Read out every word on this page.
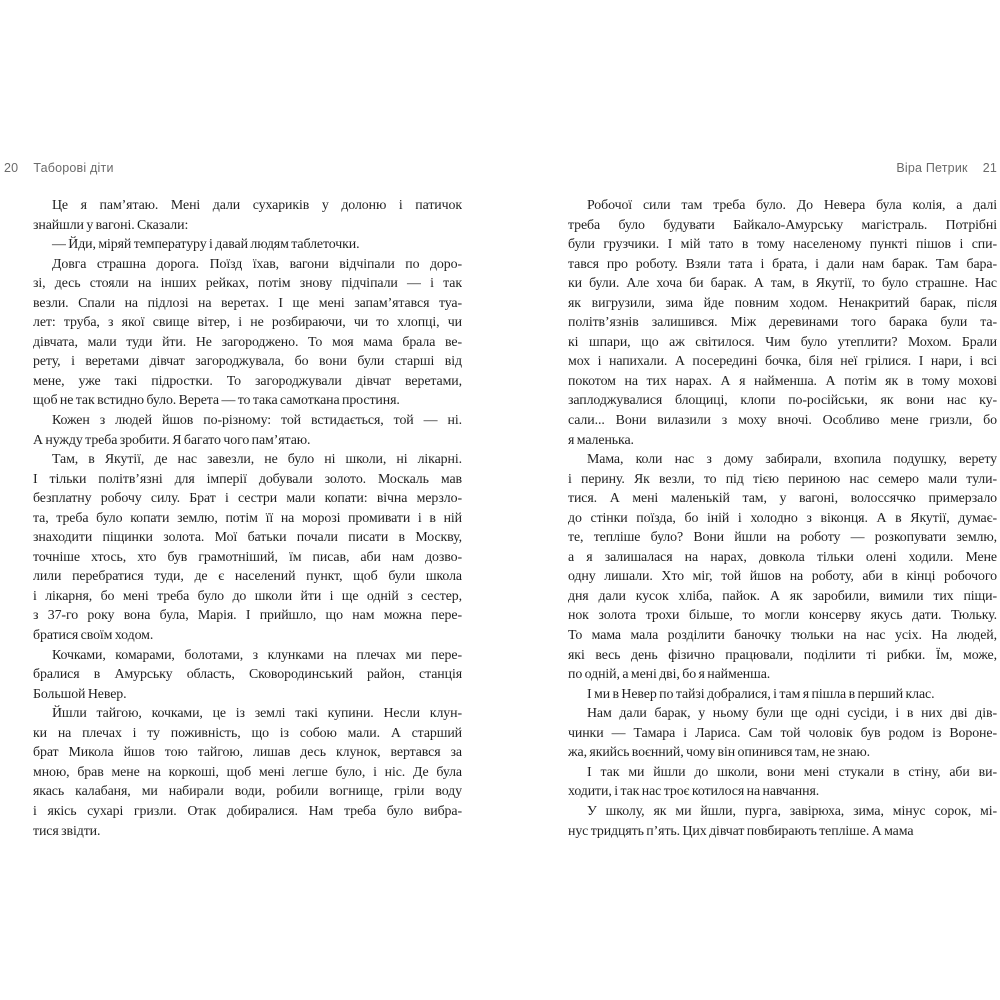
20 Таборові діти	Віра Петрик 21
Це я пам’ятаю. Мені дали сухариків у долоню і патичок
знайшли у вагоні. Сказали:
— Йди, міряй температуру і давай людям таблеточки.
Довга страшна дорога. Поїзд їхав, вагони відчіпали по доро-
зі, десь стояли на інших рейках, потім знову підчіпали — і так
везли. Спали на підлозі на веретах. І ще мені запам’ятався туа-
лет: труба, з якої свище вітер, і не розбираючи, чи то хлопці, чи
дівчата, мали туди йти. Не загороджено. То моя мама брала ве-
рету, і веретами дівчат загороджувала, бо вони були старші від
мене, уже такі підростки. То загороджували дівчат веретами,
щоб не так встидно було. Верета — то така самоткана простиня.
Кожен з людей йшов по-різному: той встидається, той — ні.
А нужду треба зробити. Я багато чого пам’ятаю.
Там, в Якутії, де нас завезли, не було ні школи, ні лікарні.
І тільки політв’язні для імперії добували золото. Москаль мав
безплатну робочу силу. Брат і сестри мали копати: вічна мерзло-
та, треба було копати землю, потім її на морозі промивати і в ній
знаходити піщинки золота. Мої батьки почали писати в Москву,
точніше хтось, хто був грамотніший, їм писав, аби нам дозво-
лили перебратися туди, де є населений пункт, щоб були школа
і лікарня, бо мені треба було до школи йти і ще одній з сестер,
з 37-го року вона була, Марія. І прийшло, що нам можна пере-
братися своїм ходом.
Кочками, комарами, болотами, з клунками на плечах ми пере-
бралися в Амурську область, Сковородинський район, станція
Большой Невер.
Йшли тайгою, кочками, це із землі такі купини. Несли клун-
ки на плечах і ту поживність, що із собою мали. А старший
брат Микола йшов тою тайгою, лишав десь клунок, вертався за
мною, брав мене на коркоші, щоб мені легше було, і ніс. Де була
якась калабаня, ми набирали води, робили вогнище, гріли воду
і якісь сухарі гризли. Отак добиралися. Нам треба було вибра-
тися звідти.
Робочої сили там треба було. До Невера була колія, а далі
треба було будувати Байкало-Амурську магістраль. Потрібні
були грузчики. І мій тато в тому населеному пункті пішов і спи-
тався про роботу. Взяли тата і брата, і дали нам барак. Там бара-
ки були. Але хоча би барак. А там, в Якутії, то було страшне. Нас
як вигрузили, зима йде повним ходом. Ненакритий барак, після
політв’язнів залишився. Між деревинами того барака були та-
кі шпари, що аж світилося. Чим було утеплити? Мохом. Брали
мох і напихали. А посередині бочка, біля неї грілися. І нари, і всі
покотом на тих нарах. А я найменша. А потім як в тому мохові
заплоджувалися блощиці, клопи по-російськи, як вони нас ку-
сали... Вони вилазили з моху вночі. Особливо мене гризли, бо
я маленька.
Мама, коли нас з дому забирали, вхопила подушку, верету
і перину. Як везли, то під тією периною нас семеро мали тули-
тися. А мені маленькій там, у вагоні, волоссячко примерзало
до стінки поїзда, бо іній і холодно з віконця. А в Якутії, думає-
те, тепліше було? Вони йшли на роботу — розкопувати землю,
а я залишалася на нарах, довкола тільки олені ходили. Мене
одну лишали. Хто міг, той йшов на роботу, аби в кінці робочого
дня дали кусок хліба, пайок. А як заробили, вимили тих піщи-
нок золота трохи більше, то могли консерву якусь дати. Тюльку.
То мама мала розділити баночку тюльки на нас усіх. На людей,
які весь день фізично працювали, поділити ті рибки. Їм, може,
по одній, а мені дві, бо я найменша.
І ми в Невер по тайзі добралися, і там я пішла в перший клас.
Нам дали барак, у ньому були ще одні сусіди, і в них дві дів-
чинки — Тамара і Лариса. Сам той чоловік був родом із Вороне-
жа, якийсь воєнний, чому він опинився там, не знаю.
І так ми йшли до школи, вони мені стукали в стіну, аби ви-
ходити, і так нас троє котилося на навчання.
У школу, як ми йшли, пурга, завірюха, зима, мінус сорок, мі-
нус тридцять п’ять. Цих дівчат повбирають тепліше. А мама
